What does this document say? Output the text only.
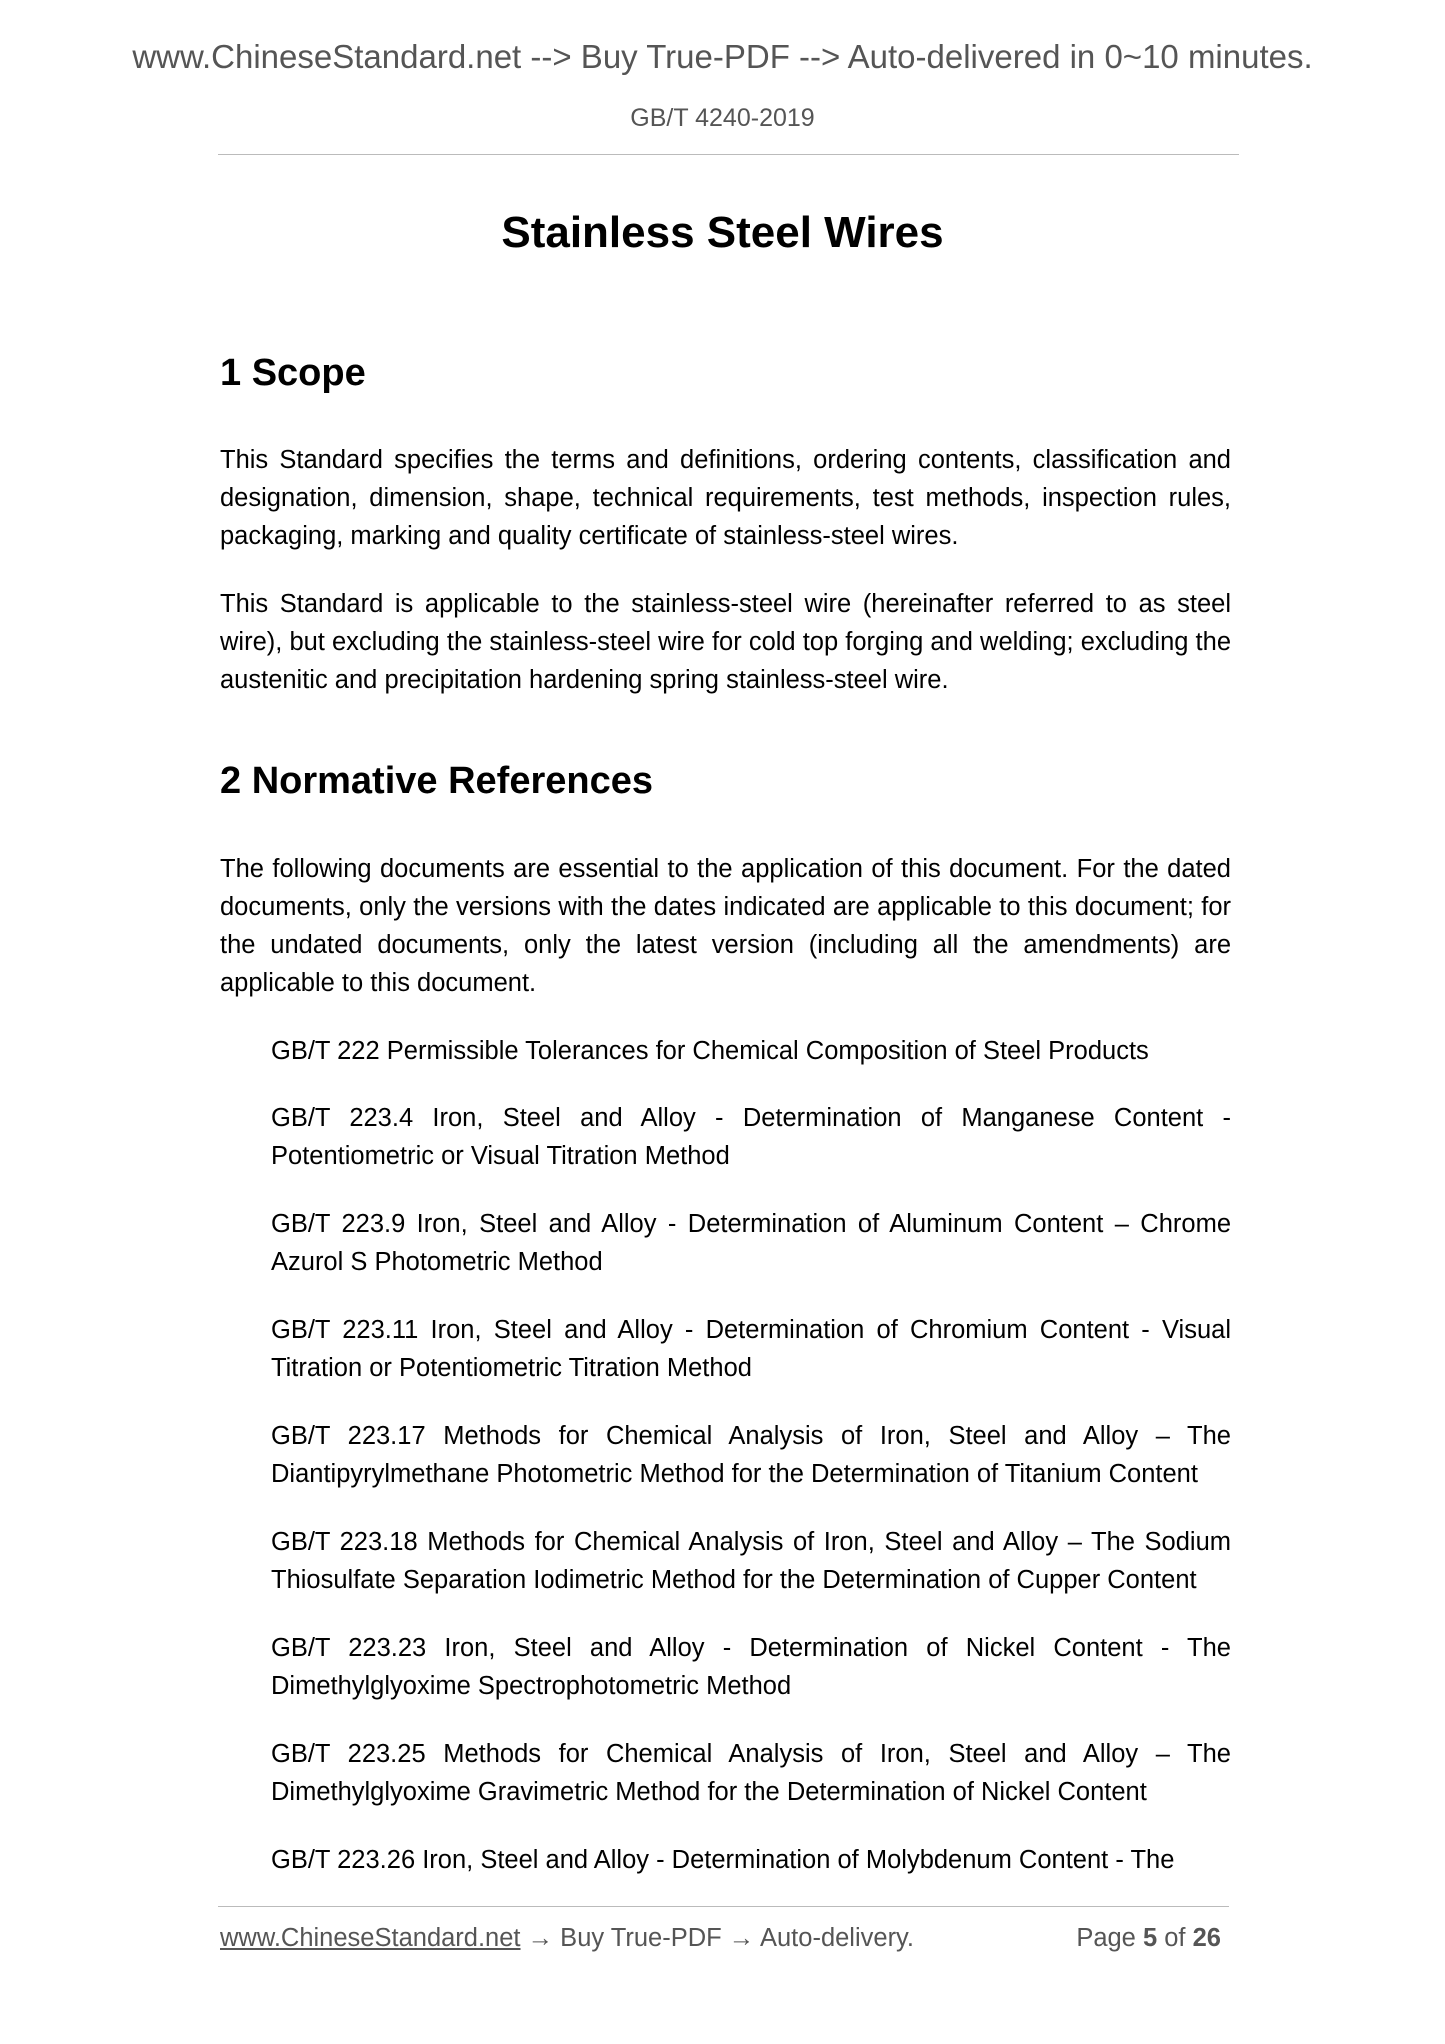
www.ChineseStandard.net --> Buy True-PDF --> Auto-delivered in 0~10 minutes.
GB/T 4240-2019
Stainless Steel Wires
1 Scope

This Standard specifies the terms and definitions, ordering contents, classification and designation, dimension, shape, technical requirements, test methods, inspection rules, packaging, marking and quality certificate of stainless-steel wires.

This Standard is applicable to the stainless-steel wire (hereinafter referred to as steel wire), but excluding the stainless-steel wire for cold top forging and welding; excluding the austenitic and precipitation hardening spring stainless-steel wire.

2 Normative References

The following documents are essential to the application of this document. For the dated documents, only the versions with the dates indicated are applicable to this document; for the undated documents, only the latest version (including all the amendments) are applicable to this document.

GB/T 222 Permissible Tolerances for Chemical Composition of Steel Products

GB/T 223.4 Iron, Steel and Alloy - Determination of Manganese Content - Potentiometric or Visual Titration Method

GB/T 223.9 Iron, Steel and Alloy - Determination of Aluminum Content – Chrome Azurol S Photometric Method

GB/T 223.11 Iron, Steel and Alloy - Determination of Chromium Content - Visual Titration or Potentiometric Titration Method

GB/T 223.17 Methods for Chemical Analysis of Iron, Steel and Alloy – The Diantipyrylmethane Photometric Method for the Determination of Titanium Content

GB/T 223.18 Methods for Chemical Analysis of Iron, Steel and Alloy – The Sodium Thiosulfate Separation Iodimetric Method for the Determination of Cupper Content

GB/T 223.23 Iron, Steel and Alloy - Determination of Nickel Content - The Dimethylglyoxime Spectrophotometric Method

GB/T 223.25 Methods for Chemical Analysis of Iron, Steel and Alloy – The Dimethylglyoxime Gravimetric Method for the Determination of Nickel Content

GB/T 223.26 Iron, Steel and Alloy - Determination of Molybdenum Content - The

www.ChineseStandard.net → Buy True-PDF → Auto-delivery.	Page 5 of 26
